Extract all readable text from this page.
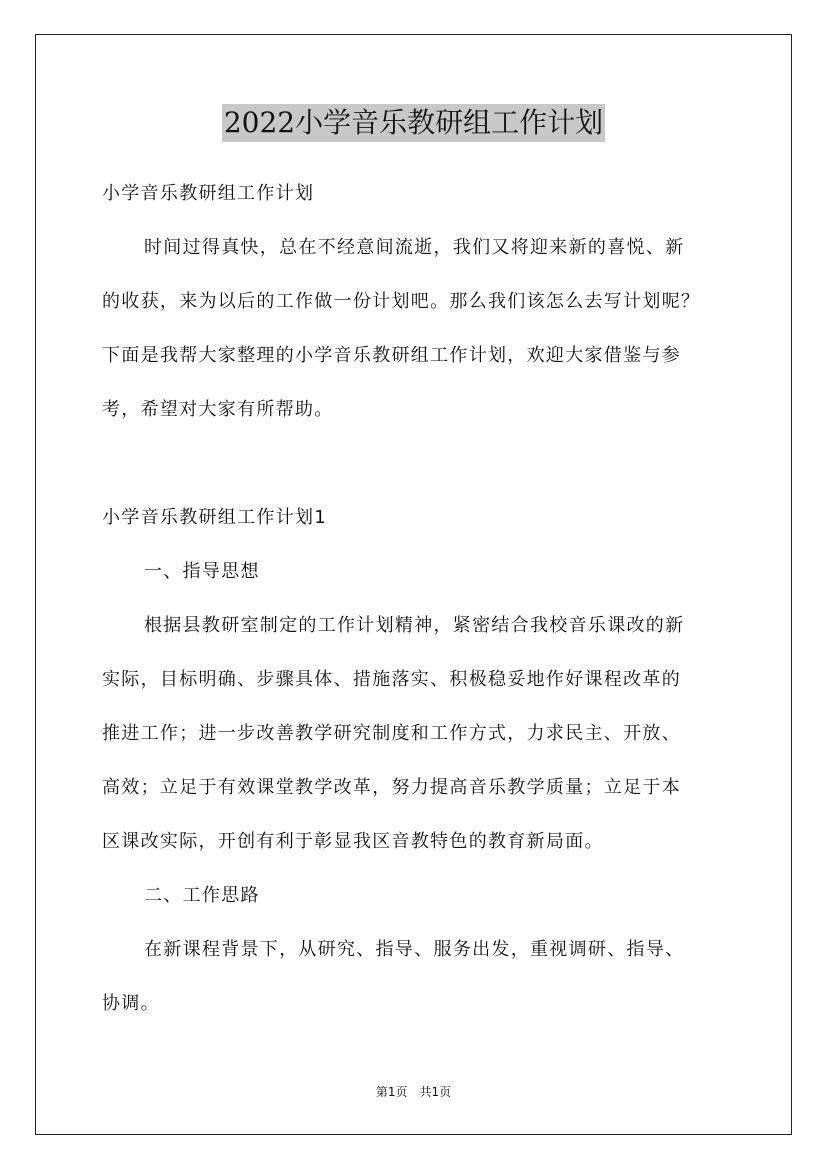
2022小学音乐教研组工作计划
小学音乐教研组工作计划
时间过得真快，总在不经意间流逝，我们又将迎来新的喜悦、新
的收获，来为以后的工作做一份计划吧。那么我们该怎么去写计划呢？
下面是我帮大家整理的小学音乐教研组工作计划，欢迎大家借鉴与参
考，希望对大家有所帮助。
小学音乐教研组工作计划1
一、指导思想
根据县教研室制定的工作计划精神，紧密结合我校音乐课改的新
实际，目标明确、步骤具体、措施落实、积极稳妥地作好课程改革的
推进工作；进一步改善教学研究制度和工作方式，力求民主、开放、
高效；立足于有效课堂教学改革，努力提高音乐教学质量；立足于本
区课改实际，开创有利于彰显我区音教特色的教育新局面。
二、工作思路
在新课程背景下，从研究、指导、服务出发，重视调研、指导、
协调。
第1页　共1页
